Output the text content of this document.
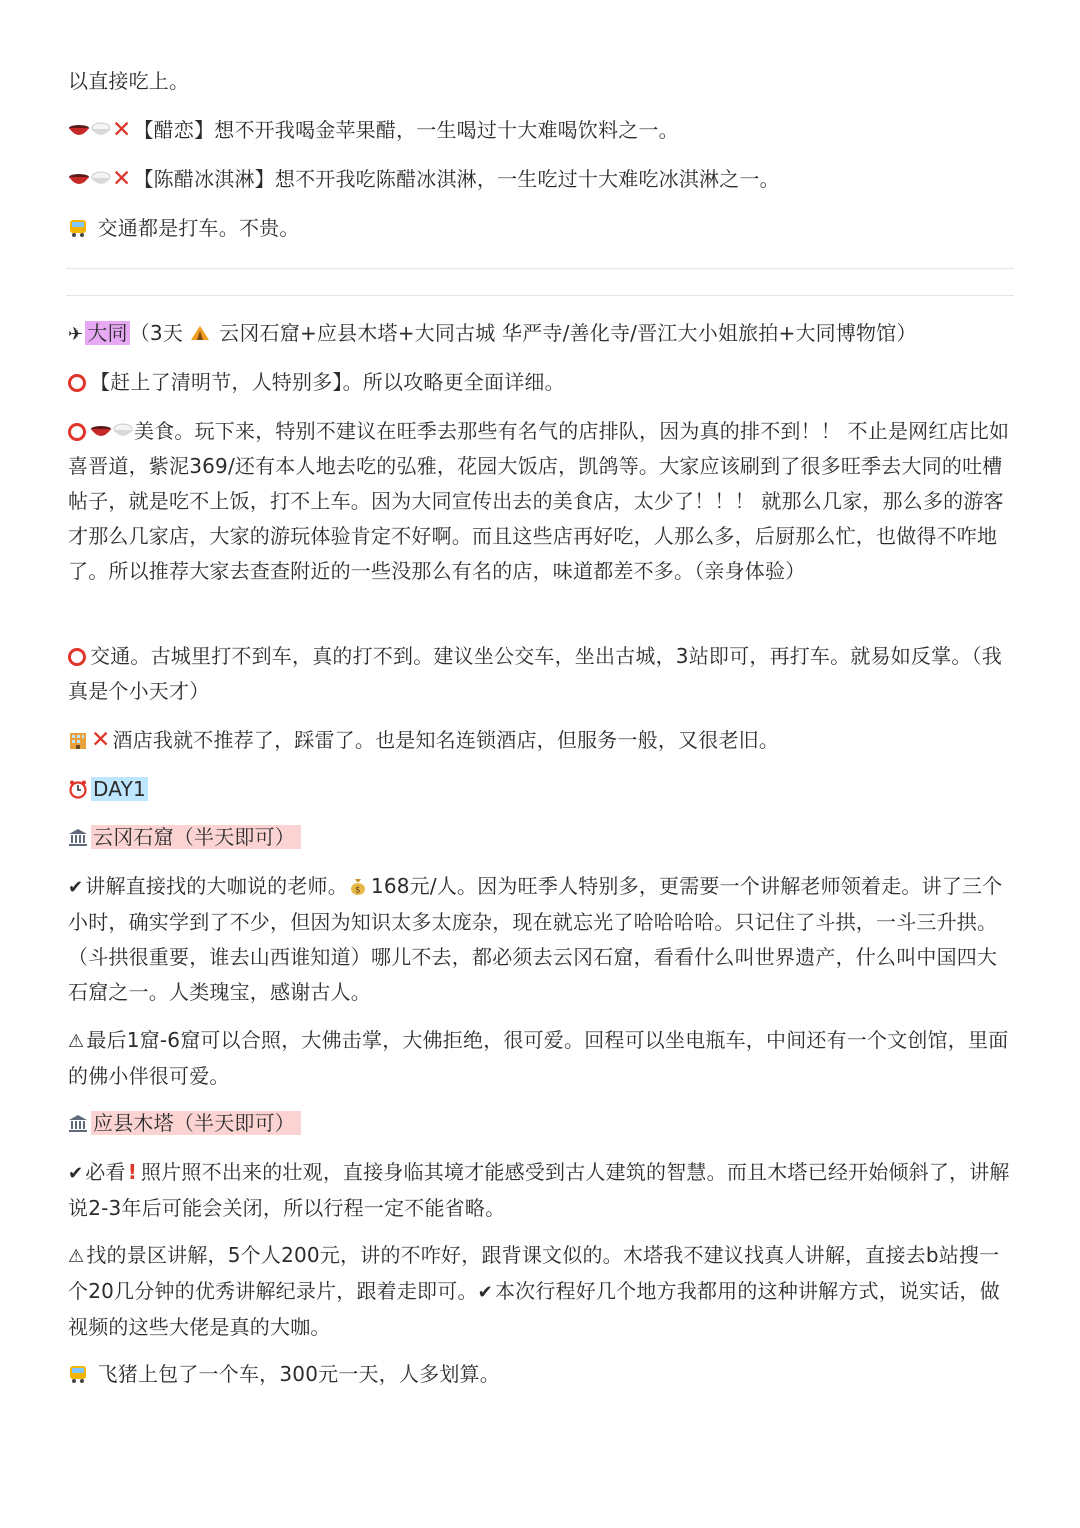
以直接吃上。

✕ 【醋恋】想不开我喝金苹果醋，一生喝过十大难喝饮料之一。

✕ 【陈醋冰淇淋】想不开我吃陈醋冰淇淋，一生吃过十大难吃冰淇淋之一。

交通都是打车。不贵。

✈ 大同 （3天  云冈石窟+应县木塔+大同古城 华严寺/善化寺/晋江大小姐旅拍+大同博物馆）

【赶上了清明节，人特别多】。所以攻略更全面详细。

美食。玩下来，特别不建议在旺季去那些有名气的店排队，因为真的排不到！！ 不止是网红店比如喜晋道，紫泥369/还有本人地去吃的弘雅，花园大饭店，凯鸽等。大家应该刷到了很多旺季去大同的吐槽帖子，就是吃不上饭，打不上车。因为大同宣传出去的美食店，太少了！！！ 就那么几家，那么多的游客才那么几家店，大家的游玩体验肯定不好啊。而且这些店再好吃，人那么多，后厨那么忙，也做得不咋地了。所以推荐大家去查查附近的一些没那么有名的店，味道都差不多。（亲身体验）

交通。古城里打不到车，真的打不到。建议坐公交车，坐出古城，3站即可，再打车。就易如反掌。（我真是个小天才）

✕ 酒店我就不推荐了，踩雷了。也是知名连锁酒店，但服务一般，又很老旧。

DAY1

云冈石窟（半天即可）

✔ 讲解直接找的大咖说的老师。 $ 168元/人。因为旺季人特别多，更需要一个讲解老师领着走。讲了三个小时，确实学到了不少，但因为知识太多太庞杂，现在就忘光了哈哈哈哈。只记住了斗拱，一斗三升拱。（斗拱很重要，谁去山西谁知道）哪儿不去，都必须去云冈石窟，看看什么叫世界遗产，什么叫中国四大石窟之一。人类瑰宝，感谢古人。

⚠ 最后1窟-6窟可以合照，大佛击掌，大佛拒绝，很可爱。回程可以坐电瓶车，中间还有一个文创馆，里面的佛小伴很可爱。

应县木塔（半天即可）

✔ 必看 ! 照片照不出来的壮观，直接身临其境才能感受到古人建筑的智慧。而且木塔已经开始倾斜了，讲解说2-3年后可能会关闭，所以行程一定不能省略。

⚠ 找的景区讲解，5个人200元，讲的不咋好，跟背课文似的。木塔我不建议找真人讲解，直接去b站搜一个20几分钟的优秀讲解纪录片，跟着走即可。✔ 本次行程好几个地方我都用的这种讲解方式，说实话，做视频的这些大佬是真的大咖。

飞猪上包了一个车，300元一天，人多划算。
